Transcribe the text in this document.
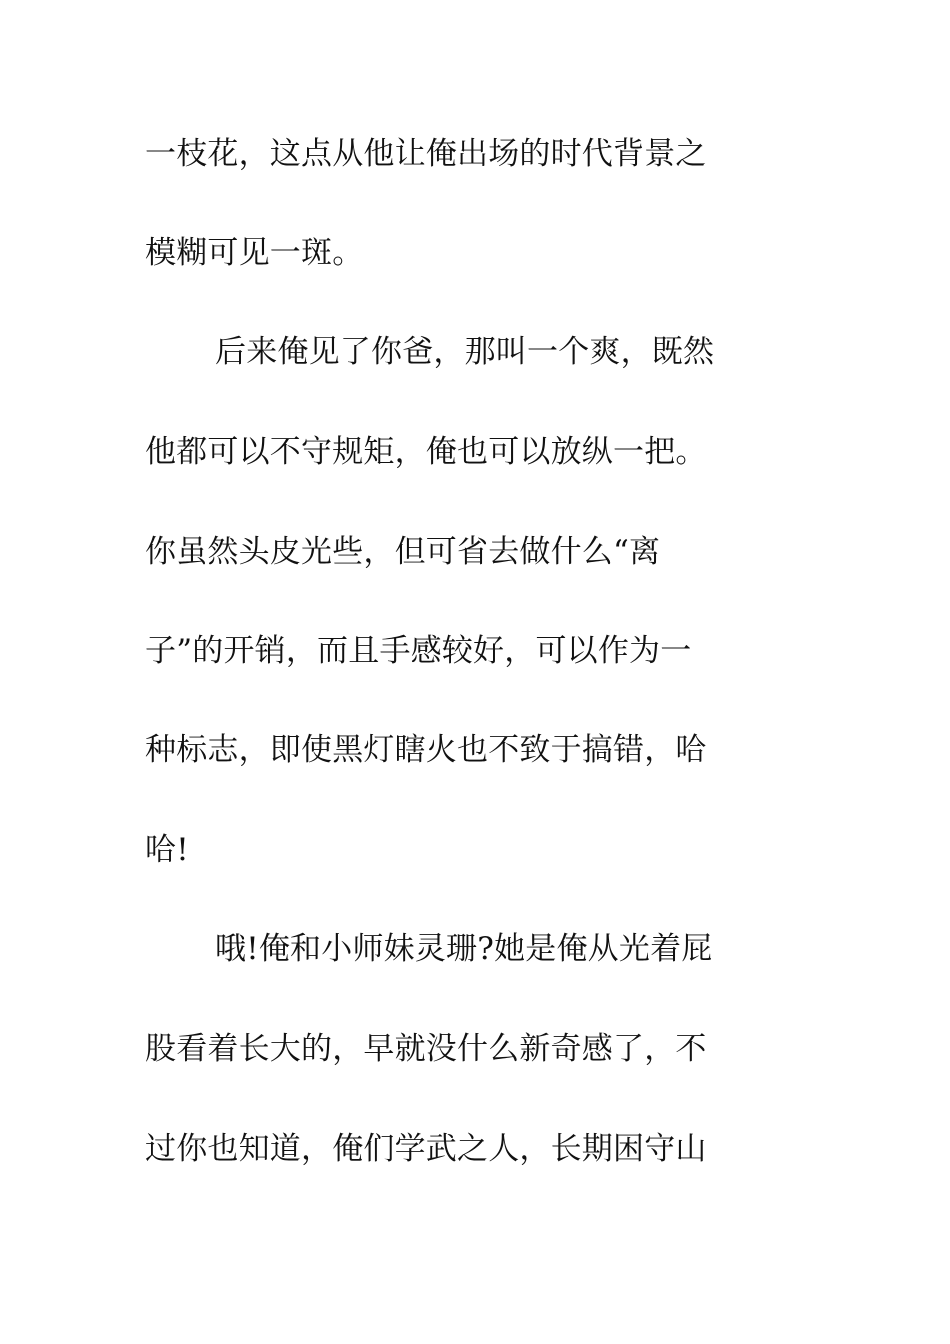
一枝花，这点从他让俺出场的时代背景之
模糊可见一斑。
后来俺见了你爸，那叫一个爽，既然
他都可以不守规矩，俺也可以放纵一把。
你虽然头皮光些，但可省去做什么“离
子”的开销，而且手感较好，可以作为一
种标志，即使黑灯瞎火也不致于搞错，哈
哈!
哦!俺和小师妹灵珊?她是俺从光着屁
股看着长大的，早就没什么新奇感了，不
过你也知道，俺们学武之人，长期困守山
